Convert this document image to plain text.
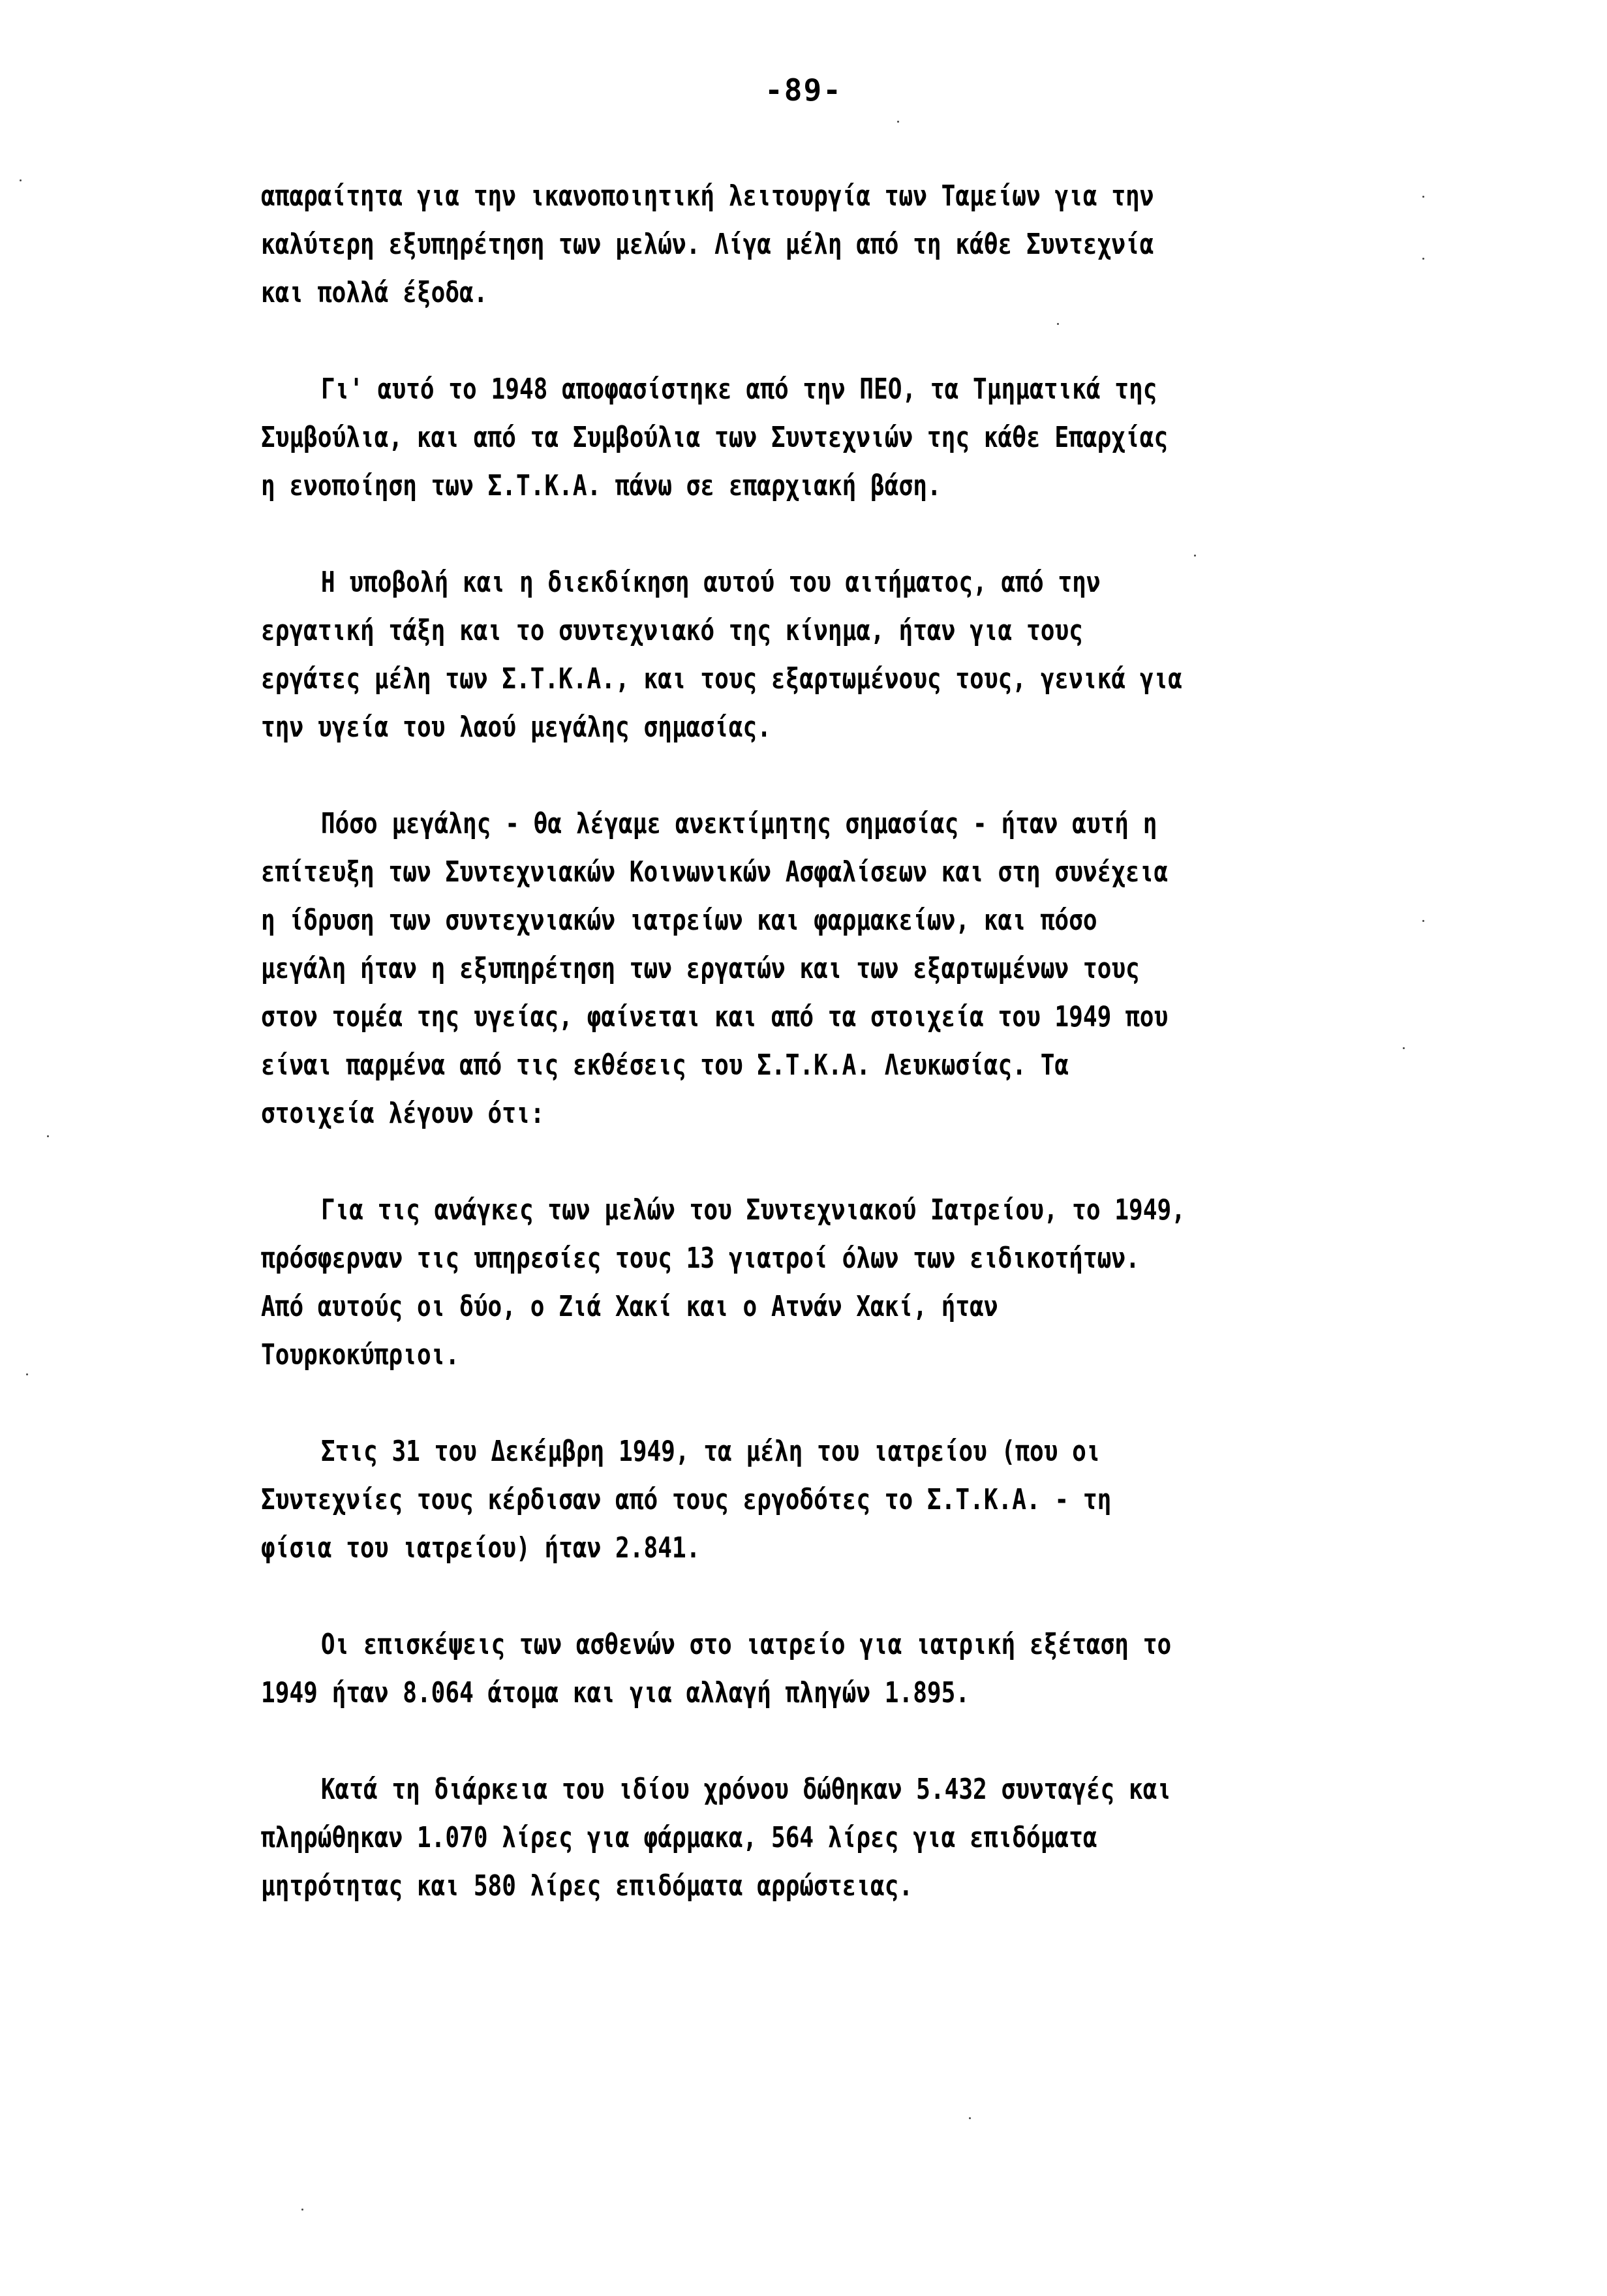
-89-

απαραίτητα για την ικανοποιητική λειτουργία των Ταμείων για την
καλύτερη εξυπηρέτηση των μελών. Λίγα μέλη από τη κάθε Συντεχνία
και πολλά έξοδα.

Γι' αυτό το 1948 αποφασίστηκε από την ΠΕΟ, τα Τμηματικά της
Συμβούλια, και από τα Συμβούλια των Συντεχνιών της κάθε Επαρχίας
η ενοποίηση των Σ.Τ.Κ.Α. πάνω σε επαρχιακή βάση.

Η υποβολή και η διεκδίκηση αυτού του αιτήματος, από την
εργατική τάξη και το συντεχνιακό της κίνημα, ήταν για τους
εργάτες μέλη των Σ.Τ.Κ.Α., και τους εξαρτωμένους τους, γενικά για
την υγεία του λαού μεγάλης σημασίας.

Πόσο μεγάλης - θα λέγαμε ανεκτίμητης σημασίας - ήταν αυτή η
επίτευξη των Συντεχνιακών Κοινωνικών Ασφαλίσεων και στη συνέχεια
η ίδρυση των συντεχνιακών ιατρείων και φαρμακείων, και πόσο
μεγάλη ήταν η εξυπηρέτηση των εργατών και των εξαρτωμένων τους
στον τομέα της υγείας, φαίνεται και από τα στοιχεία του 1949 που
είναι παρμένα από τις εκθέσεις του Σ.Τ.Κ.Α. Λευκωσίας. Τα
στοιχεία λέγουν ότι:

Για τις ανάγκες των μελών του Συντεχνιακού Ιατρείου, το 1949,
πρόσφερναν τις υπηρεσίες τους 13 γιατροί όλων των ειδικοτήτων.
Από αυτούς οι δύο, ο Ζιά Χακί και ο Ατνάν Χακί, ήταν
Τουρκοκύπριοι.

Στις 31 του Δεκέμβρη 1949, τα μέλη του ιατρείου (που οι
Συντεχνίες τους κέρδισαν από τους εργοδότες το Σ.Τ.Κ.Α. - τη
φίσια του ιατρείου) ήταν 2.841.

Οι επισκέψεις των ασθενών στο ιατρείο για ιατρική εξέταση το
1949 ήταν 8.064 άτομα και για αλλαγή πληγών 1.895.

Κατά τη διάρκεια του ιδίου χρόνου δώθηκαν 5.432 συνταγές και
πληρώθηκαν 1.070 λίρες για φάρμακα, 564 λίρες για επιδόματα
μητρότητας και 580 λίρες επιδόματα αρρώστειας.
